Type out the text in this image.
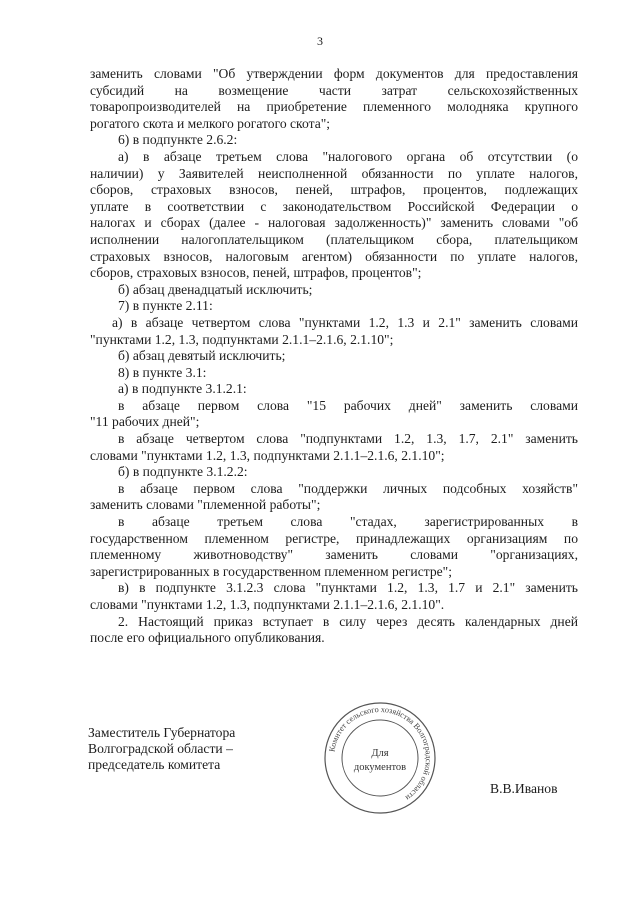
3
заменить словами "Об утверждении форм документов для предоставления
субсидий на возмещение части затрат сельскохозяйственных
товаропроизводителей на приобретение племенного молодняка крупного
рогатого скота и мелкого рогатого скота";
6) в подпункте 2.6.2:
а) в абзаце третьем слова "налогового органа об отсутствии (о
наличии) у Заявителей неисполненной обязанности по уплате налогов,
сборов, страховых взносов, пеней, штрафов, процентов, подлежащих
уплате в соответствии с законодательством Российской Федерации о
налогах и сборах (далее - налоговая задолженность)" заменить словами "об
исполнении налогоплательщиком (плательщиком сбора, плательщиком
страховых взносов, налоговым агентом) обязанности по уплате налогов,
сборов, страховых взносов, пеней, штрафов, процентов";
б) абзац двенадцатый исключить;
7) в пункте 2.11:
а) в абзаце четвертом слова "пунктами 1.2, 1.3 и 2.1" заменить словами
"пунктами 1.2, 1.3, подпунктами 2.1.1–2.1.6, 2.1.10";
б) абзац девятый исключить;
8) в пункте 3.1:
а) в подпункте 3.1.2.1:
в абзаце первом слова "15 рабочих дней" заменить словами
"11 рабочих дней";
в абзаце четвертом слова "подпунктами 1.2, 1.3, 1.7, 2.1" заменить
словами "пунктами 1.2, 1.3, подпунктами 2.1.1–2.1.6, 2.1.10";
б) в подпункте 3.1.2.2:
в абзаце первом слова "поддержки личных подсобных хозяйств"
заменить словами "племенной работы";
в абзаце третьем слова "стадах, зарегистрированных в
государственном племенном регистре, принадлежащих организациям по
племенному животноводству" заменить словами "организациях,
зарегистрированных в государственном племенном регистре";
в) в подпункте 3.1.2.3 слова "пунктами 1.2, 1.3, 1.7 и 2.1" заменить
словами "пунктами 1.2, 1.3, подпунктами 2.1.1–2.1.6, 2.1.10".
2. Настоящий приказ вступает в силу через десять календарных дней
после его официального опубликования.
Заместитель Губернатора
Волгоградской области –
председатель комитета
Комитет сельского хозяйства Волгоградской области
Для
документов
В.В.Иванов
